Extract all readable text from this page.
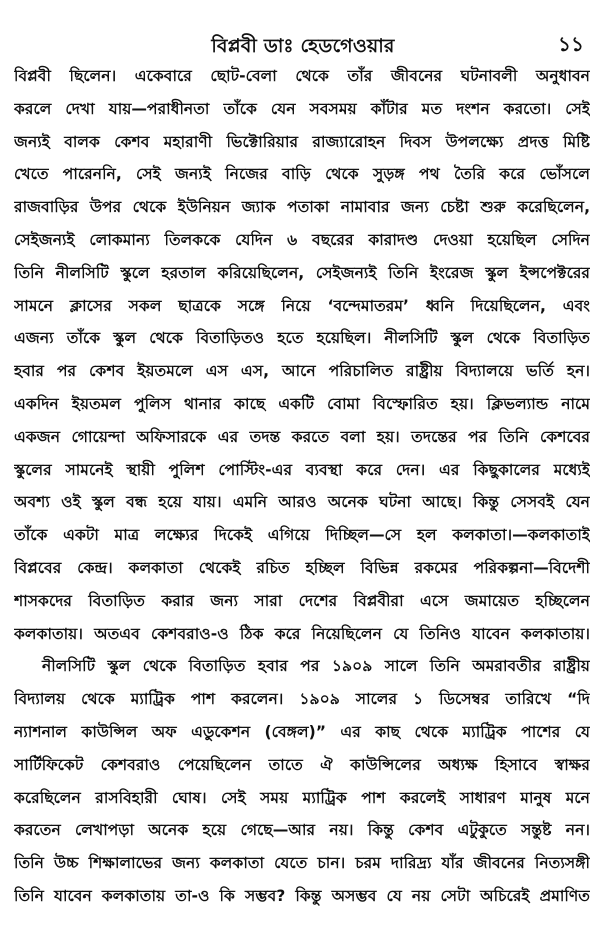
বিপ্লবী ডাঃ হেডগেওয়ার	১১
বিপ্লবী ছিলেন। একেবারে ছোট-বেলা থেকে তাঁর জীবনের ঘটনাবলী অনুধাবন
করলে দেখা যায়—পরাধীনতা তাঁকে যেন সবসময় কাঁটার মত দংশন করতো। সেই
জন্যই বালক কেশব মহারাণী ভিক্টোরিয়ার রাজ্যারোহন দিবস উপলক্ষ্যে প্রদত্ত মিষ্টি
খেতে পারেননি, সেই জন্যই নিজের বাড়ি থেকে সুড়ঙ্গ পথ তৈরি করে ভোঁসলে
রাজবাড়ির উপর থেকে ইউনিয়ন জ্যাক পতাকা নামাবার জন্য চেষ্টা শুরু করেছিলেন,
সেইজন্যই লোকমান্য তিলককে যেদিন ৬ বছরের কারাদণ্ড দেওয়া হয়েছিল সেদিন
তিনি নীলসিটি স্কুলে হরতাল করিয়েছিলেন, সেইজন্যই তিনি ইংরেজ স্কুল ইন্সপেক্টরের
সামনে ক্লাসের সকল ছাত্রকে সঙ্গে নিয়ে ‘বন্দেমাতরম’ ধ্বনি দিয়েছিলেন, এবং
এজন্য তাঁকে স্কুল থেকে বিতাড়িতও হতে হয়েছিল। নীলসিটি স্কুল থেকে বিতাড়িত
হবার পর কেশব ইয়তমলে এস এস, আনে পরিচালিত রাষ্ট্রীয় বিদ্যালয়ে ভর্তি হন।
একদিন ইয়তমল পুলিস থানার কাছে একটি বোমা বিস্ফোরিত হয়। ক্লিভল্যান্ড নামে
একজন গোয়েন্দা অফিসারকে এর তদন্ত করতে বলা হয়। তদন্তের পর তিনি কেশবের
স্কুলের সামনেই স্থায়ী পুলিশ পোস্টিং-এর ব্যবস্থা করে দেন। এর কিছুকালের মধ্যেই
অবশ্য ওই স্কুল বন্ধ হয়ে যায়। এমনি আরও অনেক ঘটনা আছে। কিন্তু সেসবই যেন
তাঁকে একটা মাত্র লক্ষ্যের দিকেই এগিয়ে দিচ্ছিল—সে হল কলকাতা।—কলকাতাই
বিপ্লবের কেন্দ্র। কলকাতা থেকেই রচিত হচ্ছিল বিভিন্ন রকমের পরিকল্পনা—বিদেশী
শাসকদের বিতাড়িত করার জন্য সারা দেশের বিপ্লবীরা এসে জমায়েত হচ্ছিলেন
কলকাতায়। অতএব কেশবরাও-ও ঠিক করে নিয়েছিলেন যে তিনিও যাবেন কলকাতায়।
নীলসিটি স্কুল থেকে বিতাড়িত হবার পর ১৯০৯ সালে তিনি অমরাবতীর রাষ্ট্রীয়
বিদ্যালয় থেকে ম্যাট্রিক পাশ করলেন। ১৯০৯ সালের ১ ডিসেম্বর তারিখে “দি
ন্যাশনাল কাউন্সিল অফ এডুকেশন (বেঙ্গল)” এর কাছ থেকে ম্যাট্রিক পাশের যে
সার্টিফিকেট কেশবরাও পেয়েছিলেন তাতে ঐ কাউন্সিলের অধ্যক্ষ হিসাবে স্বাক্ষর
করেছিলেন রাসবিহারী ঘোষ। সেই সময় ম্যাট্রিক পাশ করলেই সাধারণ মানুষ মনে
করতেন লেখাপড়া অনেক হয়ে গেছে—আর নয়। কিন্তু কেশব এটুকুতে সন্তুষ্ট নন।
তিনি উচ্চ শিক্ষালাভের জন্য কলকাতা যেতে চান। চরম দারিদ্র্য যাঁর জীবনের নিত্যসঙ্গী
তিনি যাবেন কলকাতায় তা-ও কি সম্ভব? কিন্তু অসম্ভব যে নয় সেটা অচিরেই প্রমাণিত
